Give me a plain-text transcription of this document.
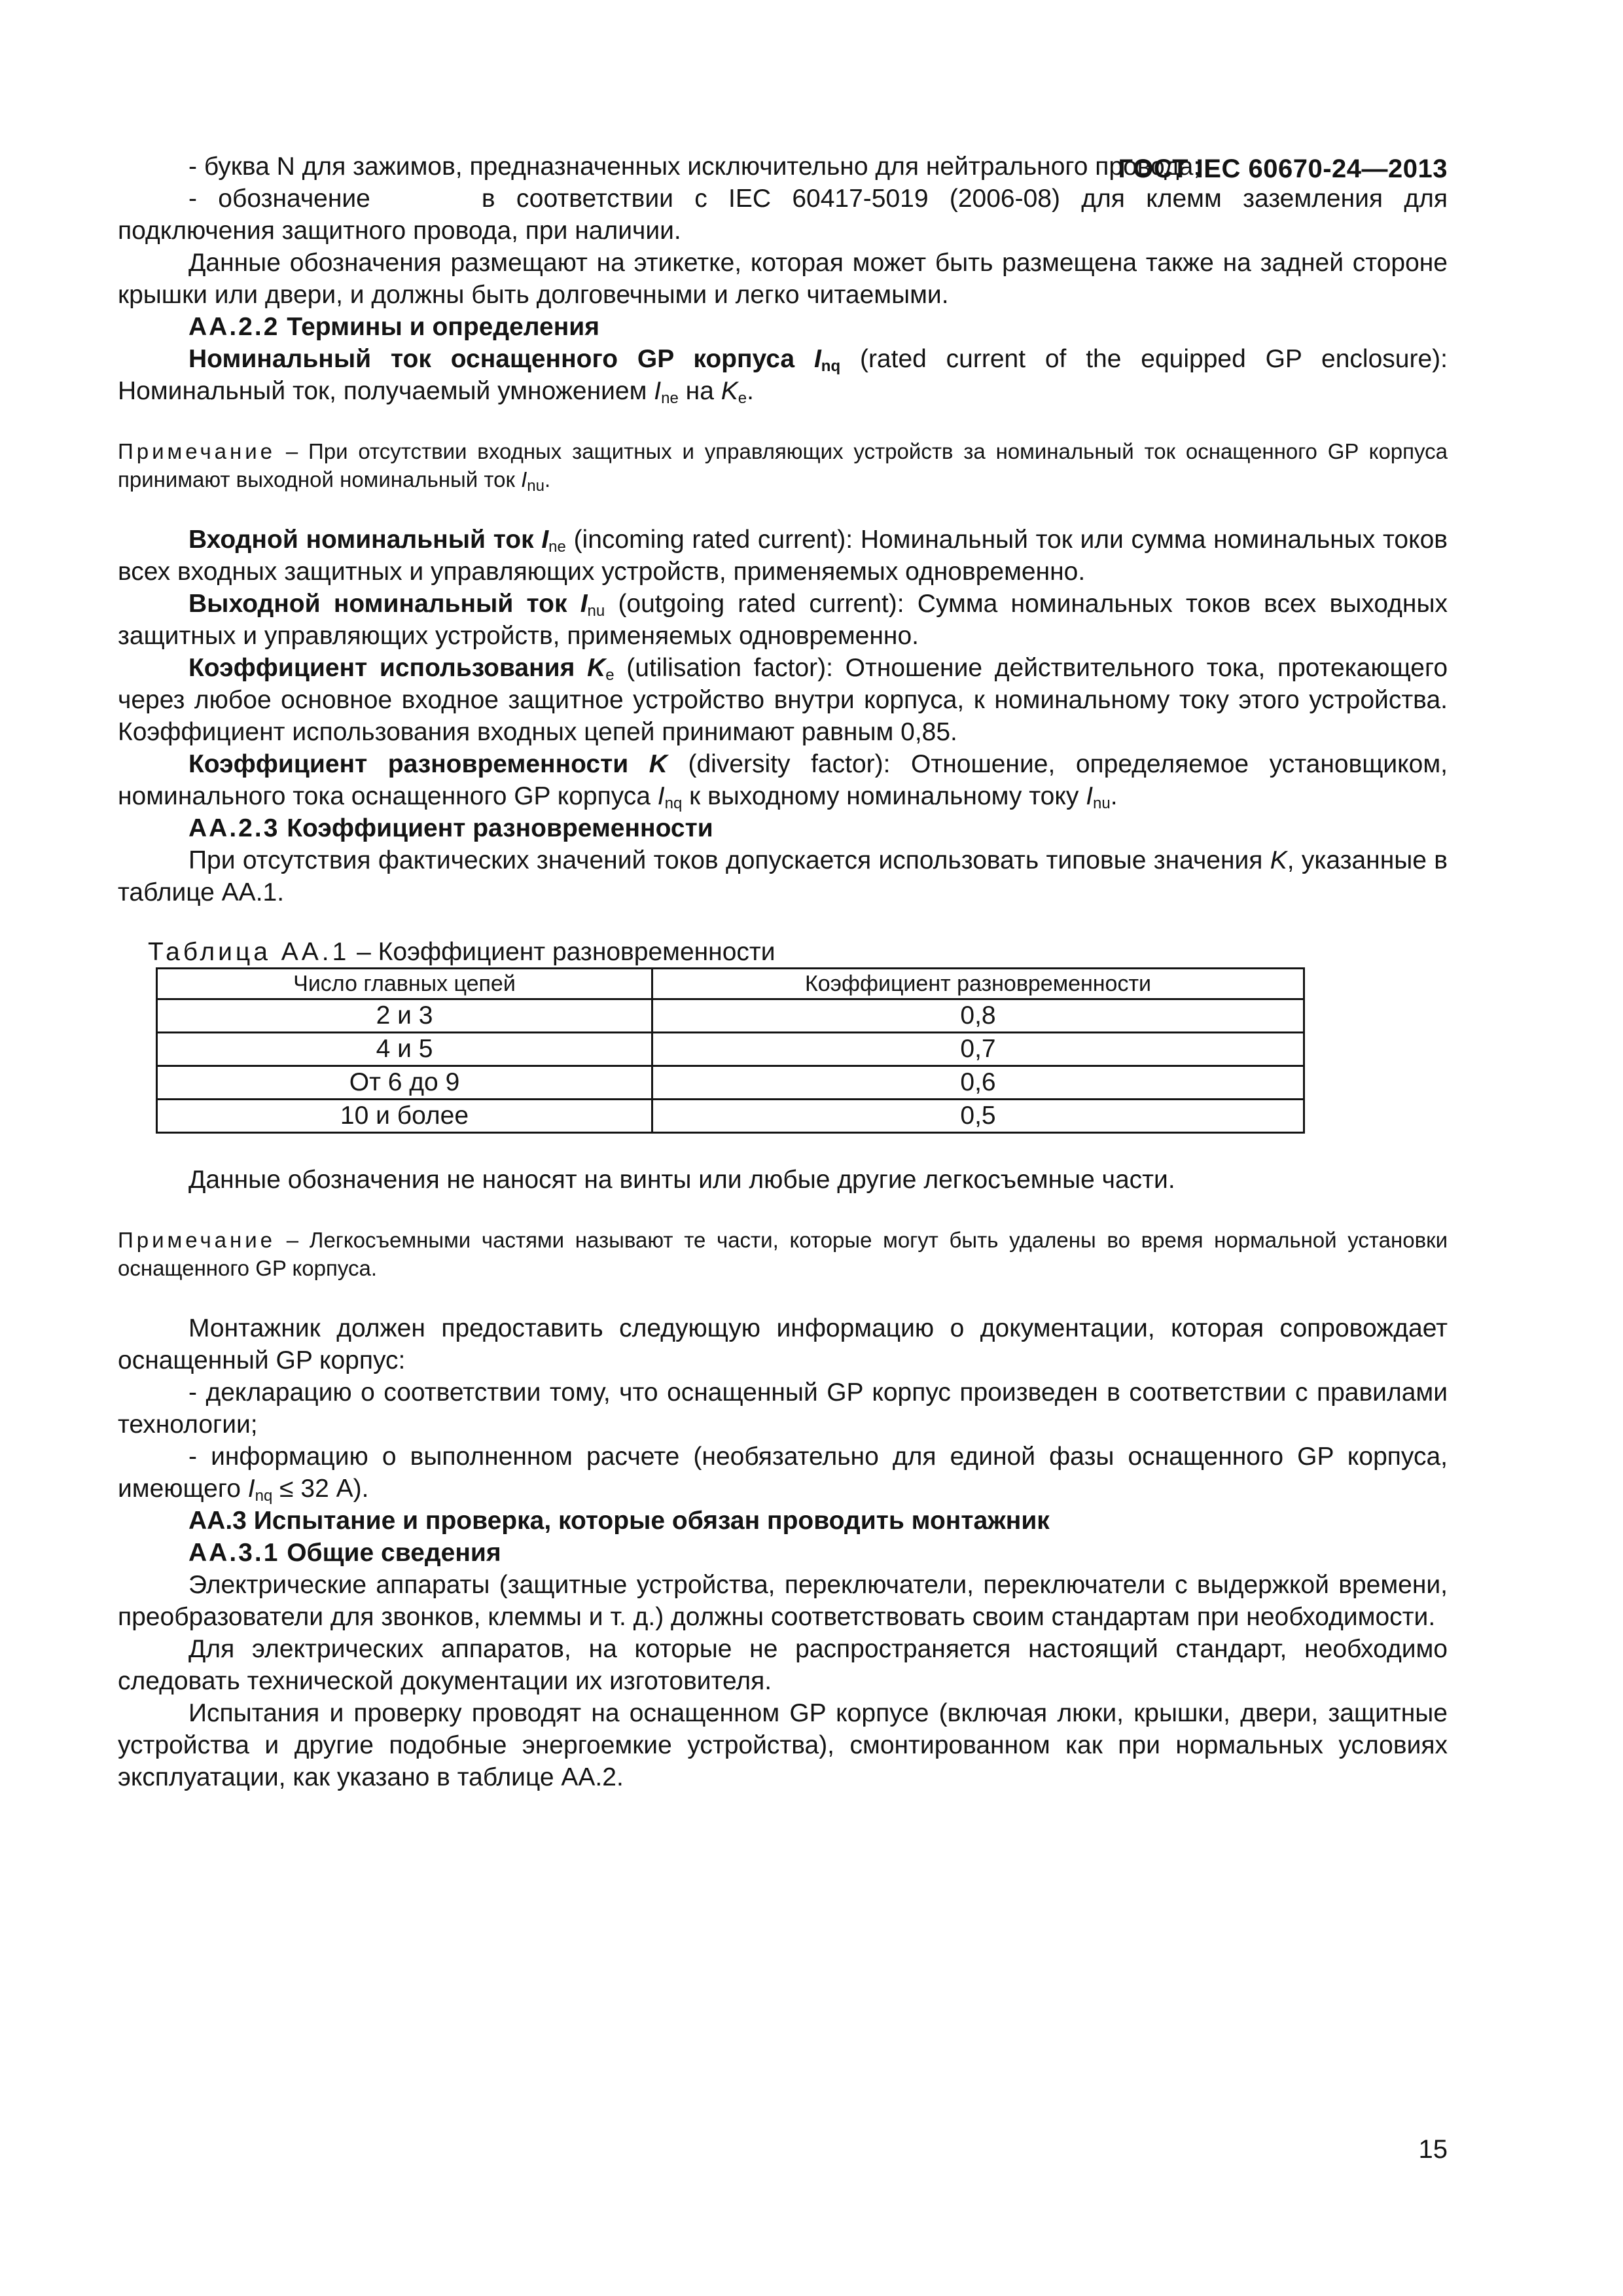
ГОСТ IEC 60670-24—2013

- буква N для зажимов, предназначенных исключительно для нейтрального провода;

- обозначение	в соответствии с IEC 60417-5019 (2006-08) для клемм заземления для подключения защитного провода, при наличии.

Данные обозначения размещают на этикетке, которая может быть размещена также на задней стороне крышки или двери, и должны быть долговечными и легко читаемыми.

АА.2.2 Термины и определения

Номинальный ток оснащенного GP корпуса $I_{nq}$ (rated current of the equipped GP enclosure): Номинальный ток, получаемый умножением $I_{ne}$ на $K_e$.

Примечание – При отсутствии входных защитных и управляющих устройств за номинальный ток оснащенного GP корпуса принимают выходной номинальный ток $I_{nu}$.

Входной номинальный ток $I_{ne}$ (incoming rated current): Номинальный ток или сумма номинальных токов всех входных защитных и управляющих устройств, применяемых одновременно.

Выходной номинальный ток $I_{nu}$ (outgoing rated current): Сумма номинальных токов всех выходных защитных и управляющих устройств, применяемых одновременно.

Коэффициент использования $K_e$ (utilisation factor): Отношение действительного тока, протекающего через любое основное входное защитное устройство внутри корпуса, к номинальному току этого устройства. Коэффициент использования входных цепей принимают равным 0,85.

Коэффициент разновременности K (diversity factor): Отношение, определяемое установщиком, номинального тока оснащенного GP корпуса $I_{nq}$ к выходному номинальному току $I_{nu}$.

АА.2.3 Коэффициент разновременности

При отсутствия фактических значений токов допускается использовать типовые значения K, указанные в таблице АА.1.

Таблица АА.1 – Коэффициент разновременности
Число главных цепей	Коэффициент разновременности
2 и 3	0,8
4 и 5	0,7
От 6 до 9	0,6
10 и более	0,5

Данные обозначения не наносят на винты или любые другие легкосъемные части.

Примечание – Легкосъемными частями называют те части, которые могут быть удалены во время нормальной установки оснащенного GP корпуса.

Монтажник должен предоставить следующую информацию о документации, которая сопровождает оснащенный GP корпус:

- декларацию о соответствии тому, что оснащенный GP корпус произведен в соответствии с правилами технологии;

- информацию о выполненном расчете (необязательно для единой фазы оснащенного GP корпуса, имеющего $I_{nq} \le 32$ А).

АА.3 Испытание и проверка, которые обязан проводить монтажник

АА.3.1 Общие сведения

Электрические аппараты (защитные устройства, переключатели, переключатели с выдержкой времени, преобразователи для звонков, клеммы и т. д.) должны соответствовать своим стандартам при необходимости.

Для электрических аппаратов, на которые не распространяется настоящий стандарт, необходимо следовать технической документации их изготовителя.

Испытания и проверку проводят на оснащенном GP корпусе (включая люки, крышки, двери, защитные устройства и другие подобные энергоемкие устройства), смонтированном как при нормальных условиях эксплуатации, как указано в таблице АА.2.

15
